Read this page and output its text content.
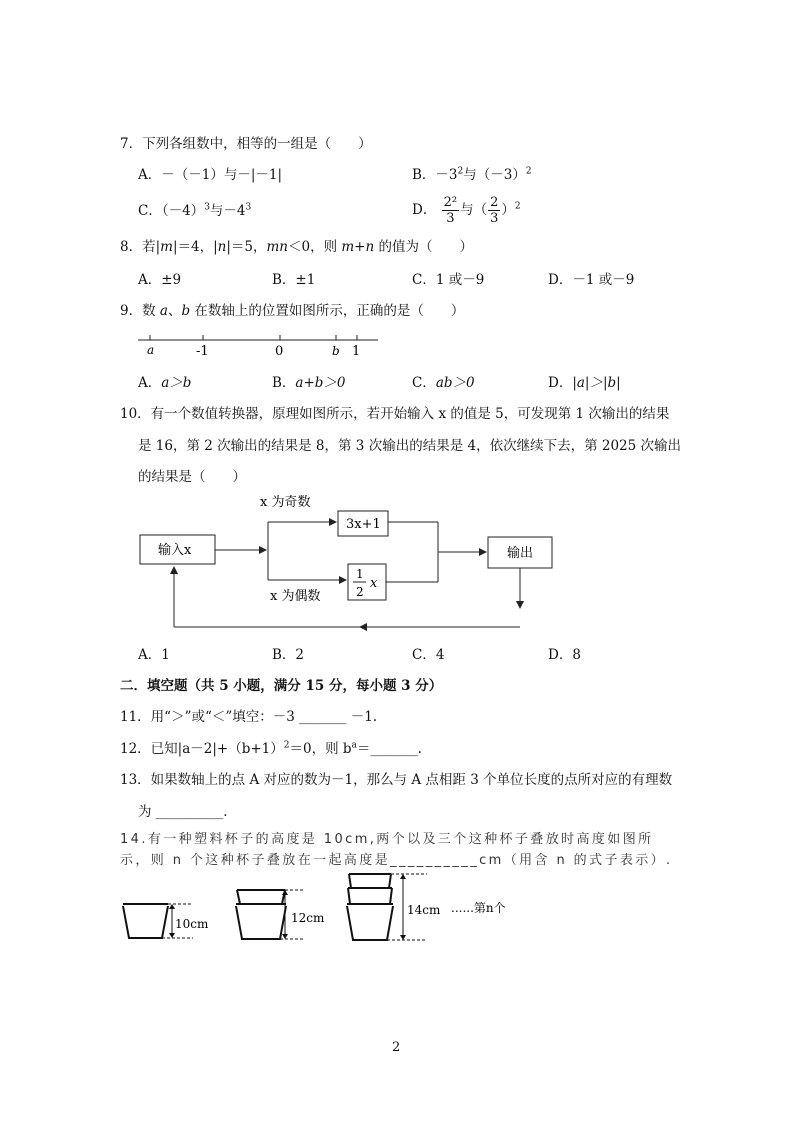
7．下列各组数中，相等的一组是（　　）
A．－（－1）与－|－1|	B．$-3^2$与$(-3)^2$
C．$(-4)^3$与$-4^3$	D． $\frac{\text{2²}}{3}$ 与（ $\frac{2}{3} )^2$
8．若|m|＝4，|n|＝5，mn＜0，则 m+n 的值为（　　）
A．±9	B．±1	C．1 或－9	D．－1 或－9
9．数 a、b 在数轴上的位置如图所示，正确的是（　　）
a	-1	0	b 1
A．a＞b	B．a+b＞0	C．ab＞0	D．|a|＞|b|
10．有一个数值转换器，原理如图所示，若开始输入 x 的值是 5，可发现第 1 次输出的结果
是 16，第 2 次输出的结果是 8，第 3 次输出的结果是 4，依次继续下去，第 2025 次输出
的结果是（　　）
输入x
x 为奇数
3x+1
x 为偶数
1
2
x
输出
A．1	B．2	C．4	D．8
二．填空题（共 5 小题，满分 15 分，每小题 3 分）
11．用“＞”或“＜”填空：－3 _______ －1.
12．已知$|a-2|+(b+1)^2=0$，则 $b^a=\_\_\_\_\_\_\_$.
13．如果数轴上的点 A 对应的数为－1，那么与 A 点相距 3 个单位长度的点所对应的有理数
为 __________.
14.有一种塑料杯子的高度是 10cm,两个以及三个这种杯子叠放时高度如图所
示，则 n 个这种杯子叠放在一起高度是__________cm（用含 n 的式子表示）.
10cm	12cm
14cm ......第n个
2
